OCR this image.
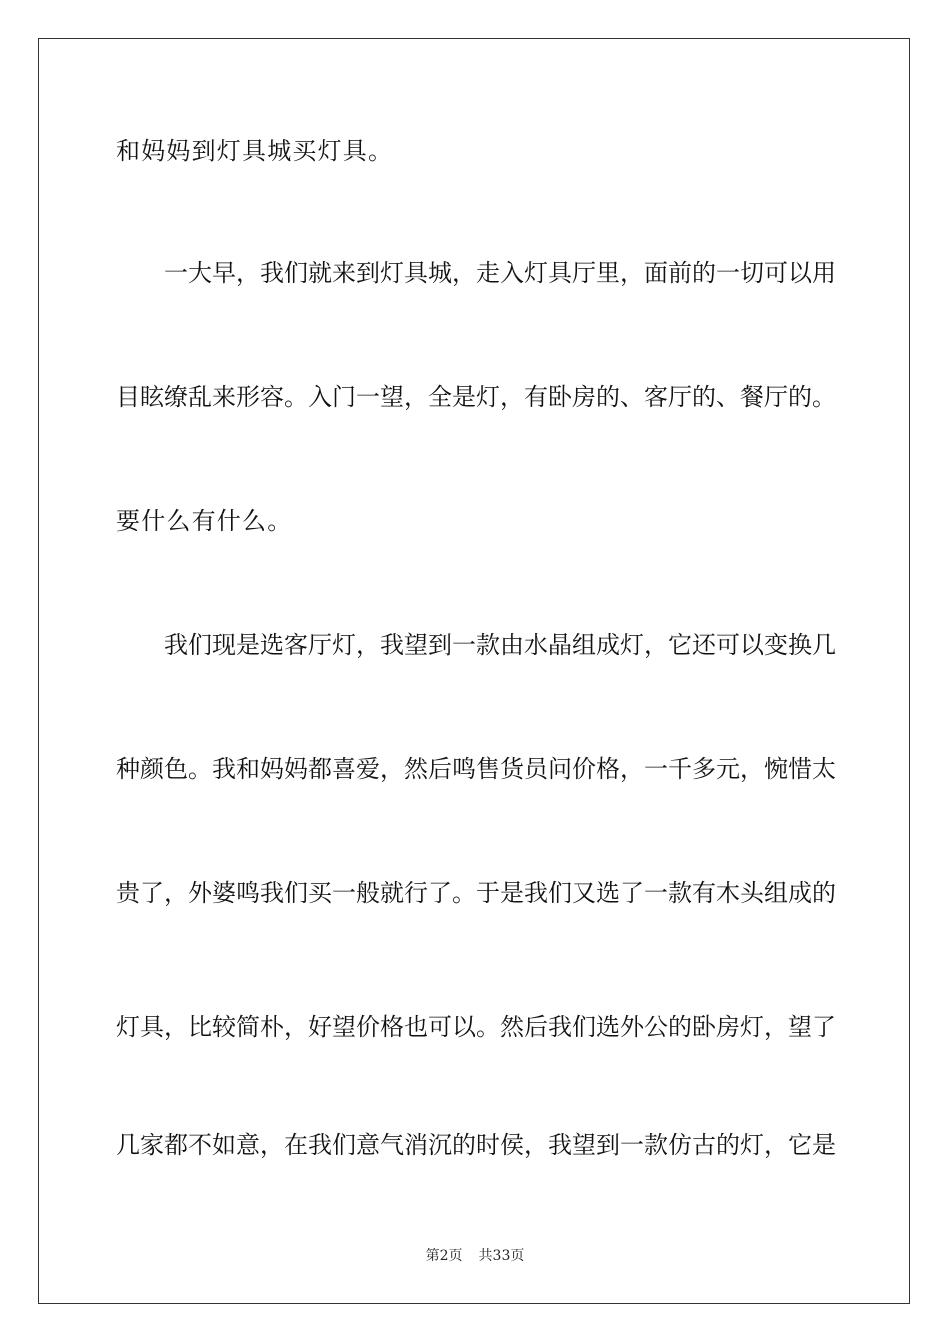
和妈妈到灯具城买灯具。
一大早，我们就来到灯具城，走入灯具厅里，面前的一切可以用
目眩缭乱来形容。入门一望，全是灯，有卧房的、客厅的、餐厅的。
要什么有什么。
我们现是选客厅灯，我望到一款由水晶组成灯，它还可以变换几
种颜色。我和妈妈都喜爱，然后鸣售货员问价格，一千多元，惋惜太
贵了，外婆鸣我们买一般就行了。于是我们又选了一款有木头组成的
灯具，比较简朴，好望价格也可以。然后我们选外公的卧房灯，望了
几家都不如意，在我们意气消沉的时侯，我望到一款仿古的灯，它是
第2页 共33页
